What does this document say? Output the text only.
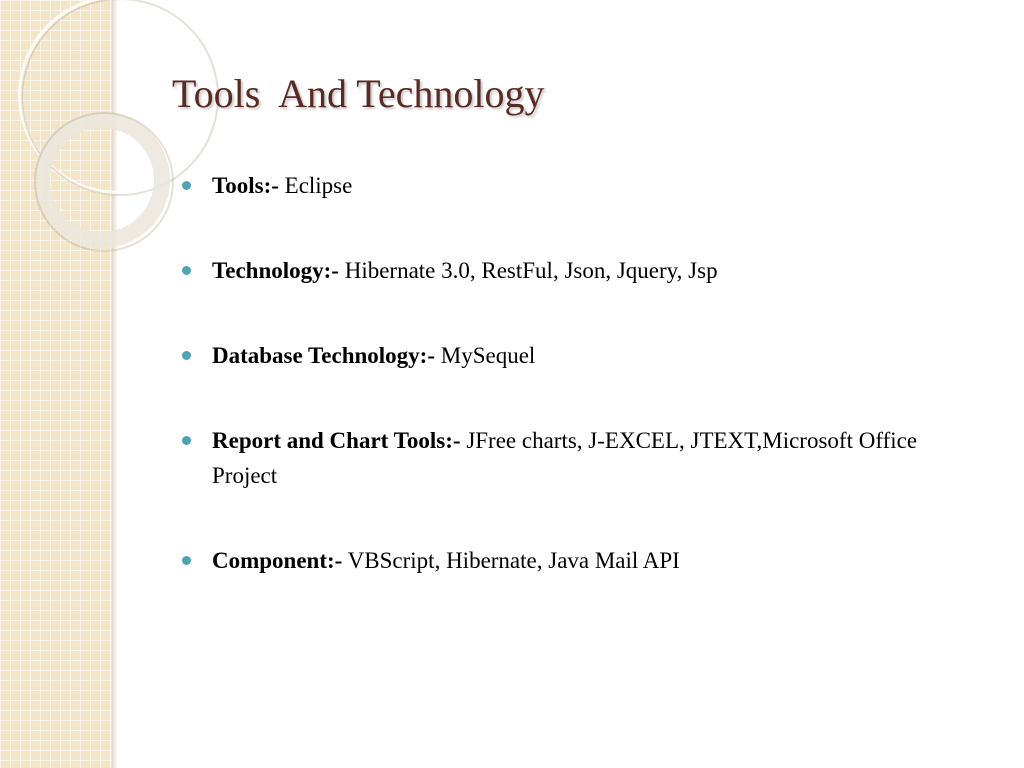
Tools  And Technology
Tools:- Eclipse
Technology:- Hibernate 3.0, RestFul, Json, Jquery, Jsp
Database Technology:- MySequel
Report and Chart Tools:- JFree charts, J-EXCEL, JTEXT,Microsoft Office Project
Component:- VBScript, Hibernate, Java Mail API
